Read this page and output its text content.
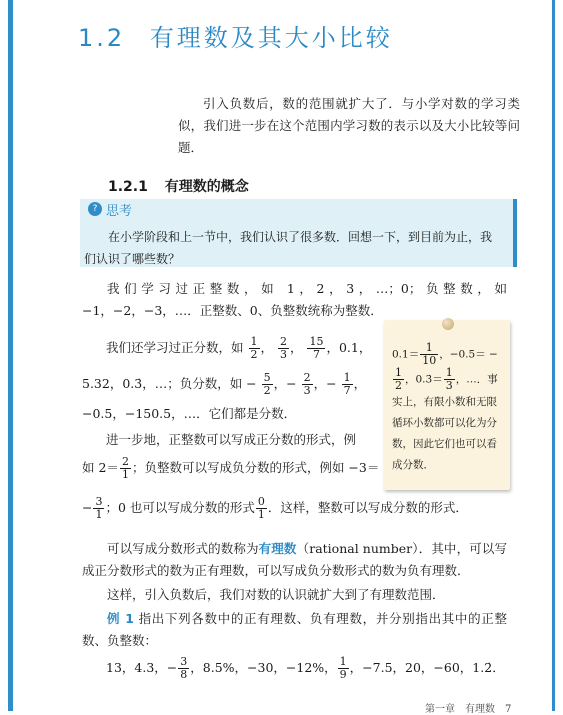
1.2 有理数及其大小比较
引入负数后，数的范围就扩大了．与小学对数的学习类似，我们进一步在这个范围内学习数的表示以及大小比较等问题．
1.2.1 有理数的概念
? 思考
在小学阶段和上一节中，我们认识了很多数．回想一下，到目前为止，我们认识了哪些数？
我们学习过正整数，如 1，2，3，…；0；负整数，如 −1，−2，−3，…．正整数、0、负整数统称为整数．
我们还学习过正分数，如 $\frac{1}{2}$ ， $\frac{2}{3}$ ， $\frac{15}{7}$ ，0.1，
5.32，0.3̇，…；负分数，如 − $\frac{5}{2}$ ，− $\frac{2}{3}$ ，− $\frac{1}{7}$ ，
−0.5，−150.5，…．它们都是分数．
进一步地，正整数可以写成正分数的形式，例
如 $2= \frac{2}{1}$ ；负整数可以写成负分数的形式，例如 −3＝
− $\frac{3}{1}$ ；0 也可以写成分数的形式 $\frac{0}{1}$ ．这样，整数可以写成分数的形式．
$0.1= \frac{1}{10}$ ，−0.5＝ −
$\frac{1}{2}$ ，0.3̇＝ $\frac{1}{3}$ ，…．事实上，有限小数和无限循环小数都可以化为分数，因此它们也可以看成分数．
可以写成分数形式的数称为有理数（rational number）．其中，可以写成正分数形式的数为正有理数，可以写成负分数形式的数为负有理数．
这样，引入负数后，我们对数的认识就扩大到了有理数范围．
例 1 指出下列各数中的正有理数、负有理数，并分别指出其中的正整数、负整数：
13，4.3，− $\frac{3}{8}$ ，8.5%，−30，−12%， $\frac{1}{9}$ ，−7.5，20，−60，1.2̇．
第一章　有理数　7
